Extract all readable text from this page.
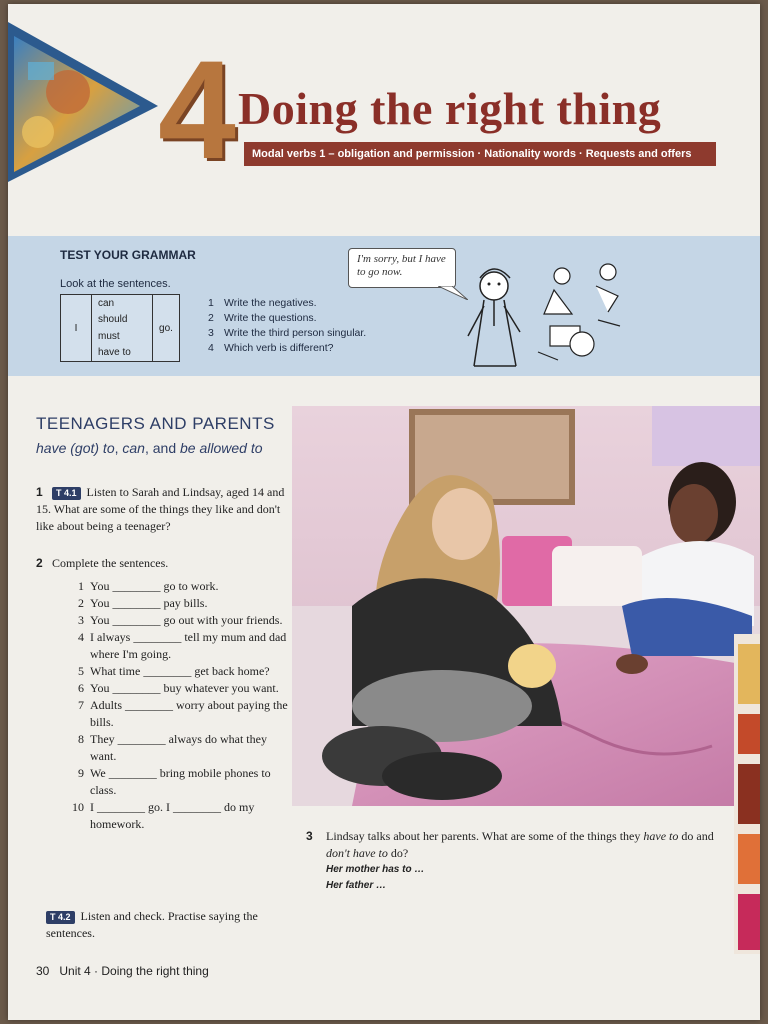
4 Doing the right thing
Modal verbs 1 – obligation and permission · Nationality words · Requests and offers
TEST YOUR GRAMMAR
Look at the sentences.
I
can
should
must
have to
go.
1 Write the negatives.
2 Write the questions.
3 Write the third person singular.
4 Which verb is different?
I'm sorry, but I have to go now.
TEENAGERS AND PARENTS
have (got) to, can, and be allowed to
1 T 4.1 Listen to Sarah and Lindsay, aged 14 and 15. What are some of the things they like and don't like about being a teenager?
2 Complete the sentences.
1 You ________ go to work.
2 You ________ pay bills.
3 You ________ go out with your friends.
4 I always ________ tell my mum and dad where I'm going.
5 What time ________ get back home?
6 You ________ buy whatever you want.
7 Adults ________ worry about paying the bills.
8 They ________ always do what they want.
9 We ________ bring mobile phones to class.
10 I ________ go. I ________ do my homework.
T 4.2 Listen and check. Practise saying the sentences.
3	Lindsay talks about her parents. What are some of the things they have to do and don't have to do?
Her mother has to …
Her father …
30 Unit 4 · Doing the right thing
